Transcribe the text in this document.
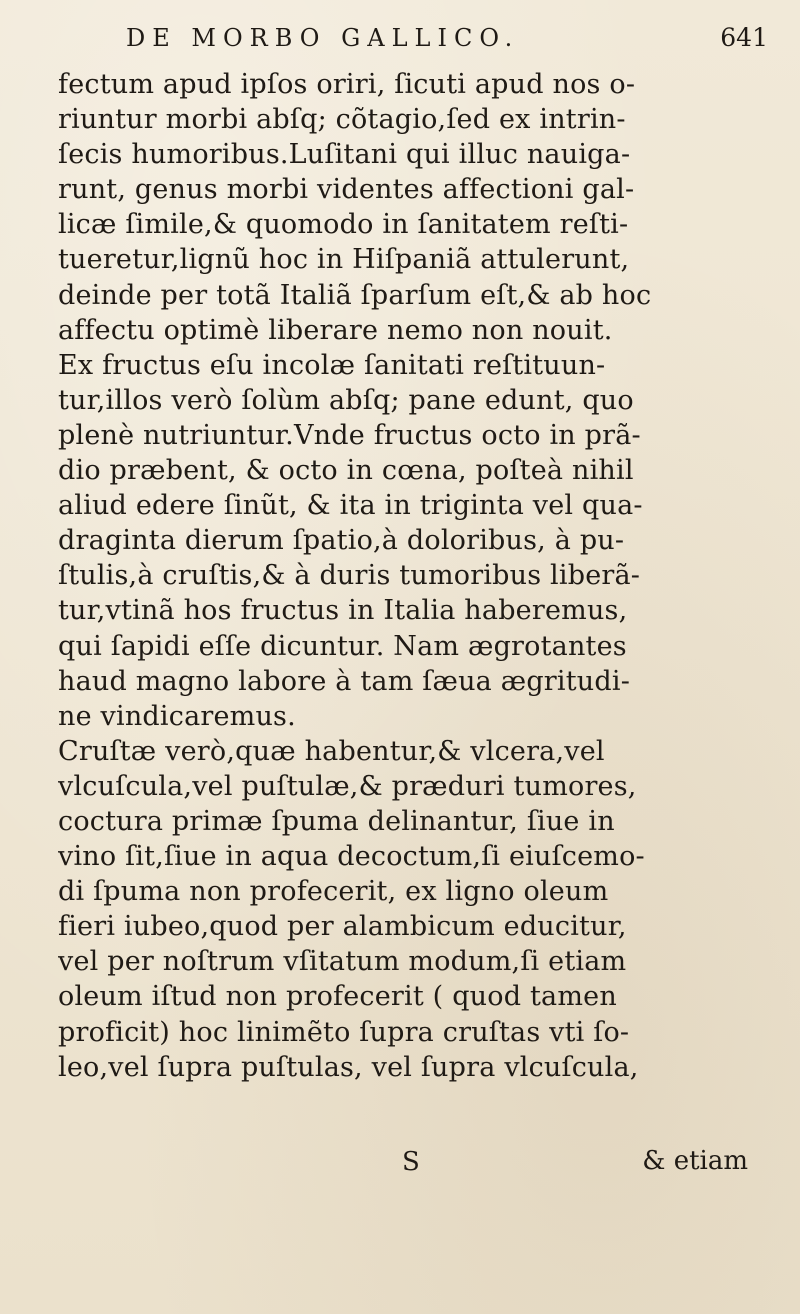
DE MORBO GALLICO.	641
fectum apud ipſos oriri, ſicuti apud nos o-
riuntur morbi abſq; cõtagio,ſed ex intrin-
ſecis humoribus.Luſitani qui illuc nauiga-
runt, genus morbi videntes affectioni gal-
licæ ſimile,& quomodo in ſanitatem reſti-
tueretur,lignũ hoc in Hiſpaniã attulerunt,
deinde per totã Italiã ſparſum eſt,& ab hoc
affectu optimè liberare nemo non nouit.
Ex fructus eſu incolæ ſanitati reſtituun-
tur,illos verò ſolùm abſq; pane edunt, quo
plenè nutriuntur.Vnde fructus octo in prã-
dio præbent, & octo in cœna, poſteà nihil
aliud edere ſinũt, & ita in triginta vel qua-
draginta dierum ſpatio,à doloribus, à pu-
ſtulis,à cruſtis,& à duris tumoribus liberã-
tur,vtinã hos fructus in Italia haberemus,
qui ſapidi eſſe dicuntur. Nam ægrotantes
haud magno labore à tam ſæua ægritudi-
ne vindicaremus.
Cruſtæ verò,quæ habentur,& vlcera,vel
vlcuſcula,vel puſtulæ,& præduri tumores,
coctura primæ ſpuma delinantur, ſiue in
vino ſit,ſiue in aqua decoctum,ſi eiuſcemo-
di ſpuma non profecerit, ex ligno oleum
fieri iubeo,quod per alambicum educitur,
vel per noſtrum vſitatum modum,ſi etiam
oleum iſtud non profecerit ( quod tamen
proficit) hoc linimẽto ſupra cruſtas vti ſo-
leo,vel ſupra puſtulas, vel ſupra vlcuſcula,
S	& etiam
